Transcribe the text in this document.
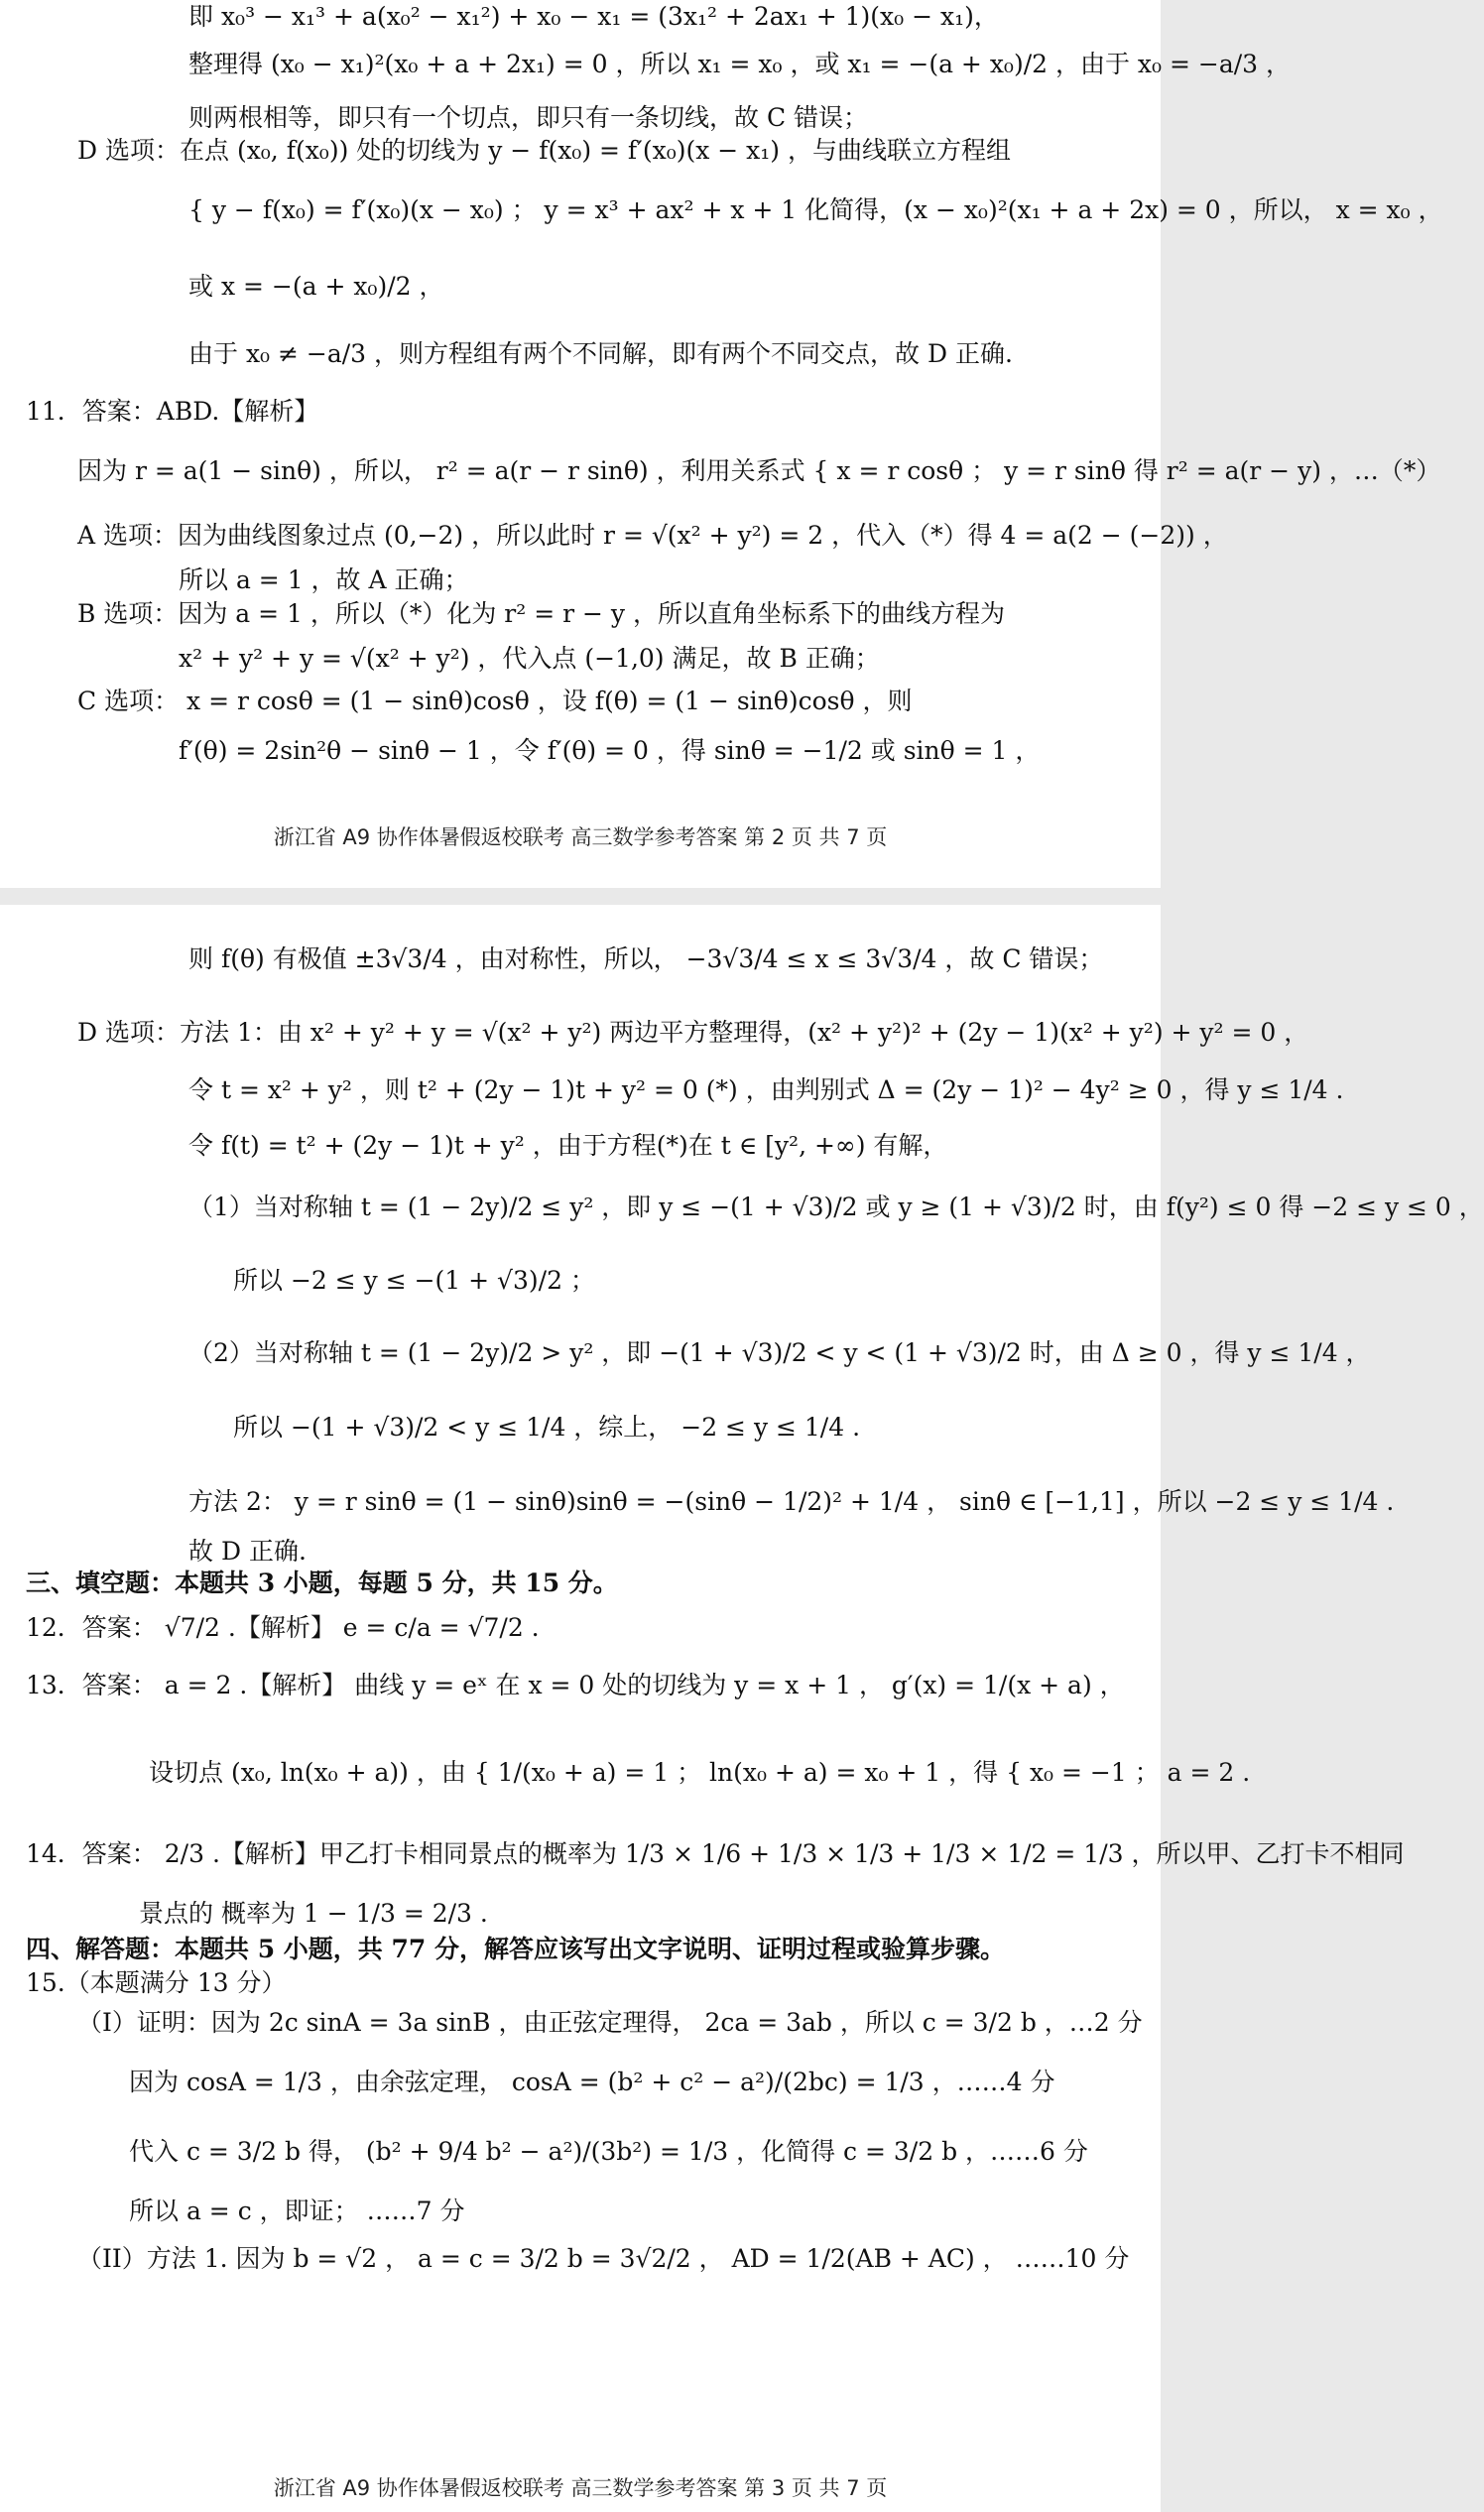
即 x₀³ − x₁³ + a(x₀² − x₁²) + x₀ − x₁ = (3x₁² + 2ax₁ + 1)(x₀ − x₁)，
整理得 (x₀ − x₁)²(x₀ + a + 2x₁) = 0 ，所以 x₁ = x₀ ，或 x₁ = −(a + x₀)/2 ，由于 x₀ = −a/3 ，
则两根相等，即只有一个切点，即只有一条切线，故 C 错误；
D 选项：在点 (x₀, f(x₀)) 处的切线为 y − f(x₀) = f′(x₀)(x − x₁) ，与曲线联立方程组
{ y − f(x₀) = f′(x₀)(x − x₀) ； y = x³ + ax² + x + 1 化简得，(x − x₀)²(x₁ + a + 2x) = 0 ，所以， x = x₀ ，
或 x = −(a + x₀)/2 ，
由于 x₀ ≠ −a/3 ，则方程组有两个不同解，即有两个不同交点，故 D 正确.
11．答案：ABD.【解析】
因为 r = a(1 − sinθ) ，所以， r² = a(r − r sinθ) ，利用关系式 { x = r cosθ ； y = r sinθ 得 r² = a(r − y) ，…（*）
A 选项：因为曲线图象过点 (0,−2) ，所以此时 r = √(x² + y²) = 2 ，代入（*）得 4 = a(2 − (−2)) ，
所以 a = 1 ，故 A 正确；
B 选项：因为 a = 1 ，所以（*）化为 r² = r − y ，所以直角坐标系下的曲线方程为
x² + y² + y = √(x² + y²) ，代入点 (−1,0) 满足，故 B 正确；
C 选项： x = r cosθ = (1 − sinθ)cosθ ，设 f(θ) = (1 − sinθ)cosθ ，则
f′(θ) = 2sin²θ − sinθ − 1 ，令 f′(θ) = 0 ，得 sinθ = −1/2 或 sinθ = 1 ，
浙江省 A9 协作体暑假返校联考 高三数学参考答案 第 2 页 共 7 页
则 f(θ) 有极值 ±3√3/4 ，由对称性，所以， −3√3/4 ≤ x ≤ 3√3/4 ，故 C 错误；
D 选项：方法 1：由 x² + y² + y = √(x² + y²) 两边平方整理得，(x² + y²)² + (2y − 1)(x² + y²) + y² = 0 ，
令 t = x² + y² ，则 t² + (2y − 1)t + y² = 0 (*) ，由判别式 Δ = (2y − 1)² − 4y² ≥ 0 ，得 y ≤ 1/4 .
令 f(t) = t² + (2y − 1)t + y² ，由于方程(*)在 t ∈ [y², +∞) 有解，
（1）当对称轴 t = (1 − 2y)/2 ≤ y² ，即 y ≤ −(1 + √3)/2 或 y ≥ (1 + √3)/2 时，由 f(y²) ≤ 0 得 −2 ≤ y ≤ 0 ，
所以 −2 ≤ y ≤ −(1 + √3)/2 ；
（2）当对称轴 t = (1 − 2y)/2 > y² ，即 −(1 + √3)/2 < y < (1 + √3)/2 时，由 Δ ≥ 0 ，得 y ≤ 1/4 ，
所以 −(1 + √3)/2 < y ≤ 1/4 ，综上， −2 ≤ y ≤ 1/4 .
方法 2： y = r sinθ = (1 − sinθ)sinθ = −(sinθ − 1/2)² + 1/4 ， sinθ ∈ [−1,1] ，所以 −2 ≤ y ≤ 1/4 .
故 D 正确.
三、填空题：本题共 3 小题，每题 5 分，共 15 分。
12．答案： √7/2 .【解析】 e = c/a = √7/2 .
13．答案： a = 2 .【解析】 曲线 y = eˣ 在 x = 0 处的切线为 y = x + 1 ， g′(x) = 1/(x + a) ，
设切点 (x₀, ln(x₀ + a)) ，由 { 1/(x₀ + a) = 1 ； ln(x₀ + a) = x₀ + 1 ，得 { x₀ = −1 ； a = 2 .
14．答案： 2/3 .【解析】甲乙打卡相同景点的概率为 1/3 × 1/6 + 1/3 × 1/3 + 1/3 × 1/2 = 1/3 ，所以甲、乙打卡不相同
景点的 概率为 1 − 1/3 = 2/3 .
四、解答题：本题共 5 小题，共 77 分，解答应该写出文字说明、证明过程或验算步骤。
15.（本题满分 13 分）
（I）证明：因为 2c sinA = 3a sinB ，由正弦定理得， 2ca = 3ab ，所以 c = 3/2 b ，…2 分
因为 cosA = 1/3 ，由余弦定理， cosA = (b² + c² − a²)/(2bc) = 1/3 ，……4 分
代入 c = 3/2 b 得， (b² + 9/4 b² − a²)/(3b²) = 1/3 ，化简得 c = 3/2 b ，……6 分
所以 a = c ，即证； ……7 分
（II）方法 1. 因为 b = √2 ， a = c = 3/2 b = 3√2/2 ， AD = 1/2(AB + AC) ， ……10 分
浙江省 A9 协作体暑假返校联考 高三数学参考答案 第 3 页 共 7 页
